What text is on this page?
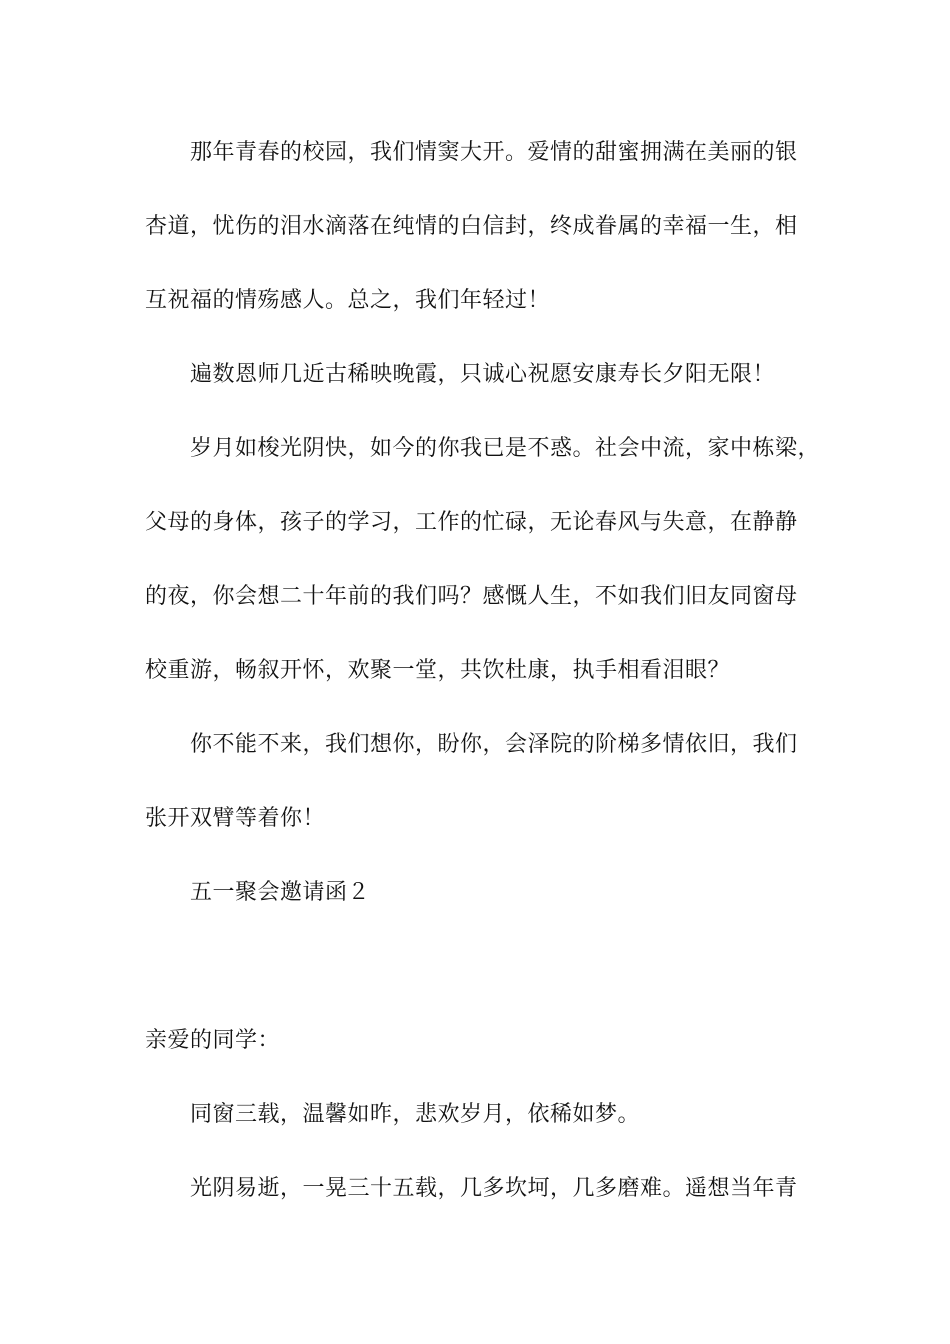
那年青春的校园，我们情窦大开。爱情的甜蜜拥满在美丽的银
杏道，忧伤的泪水滴落在纯情的白信封，终成眷属的幸福一生，相
互祝福的情殇感人。总之，我们年轻过！
遍数恩师几近古稀映晚霞，只诚心祝愿安康寿长夕阳无限！
岁月如梭光阴快，如今的你我已是不惑。社会中流，家中栋梁，
父母的身体，孩子的学习，工作的忙碌，无论春风与失意，在静静
的夜，你会想二十年前的我们吗？感慨人生，不如我们旧友同窗母
校重游，畅叙开怀，欢聚一堂，共饮杜康，执手相看泪眼？
你不能不来，我们想你，盼你，会泽院的阶梯多情依旧，我们
张开双臂等着你！
五一聚会邀请函２
亲爱的同学：
同窗三载，温馨如昨，悲欢岁月，依稀如梦。
光阴易逝，一晃三十五载，几多坎坷，几多磨难。遥想当年青
